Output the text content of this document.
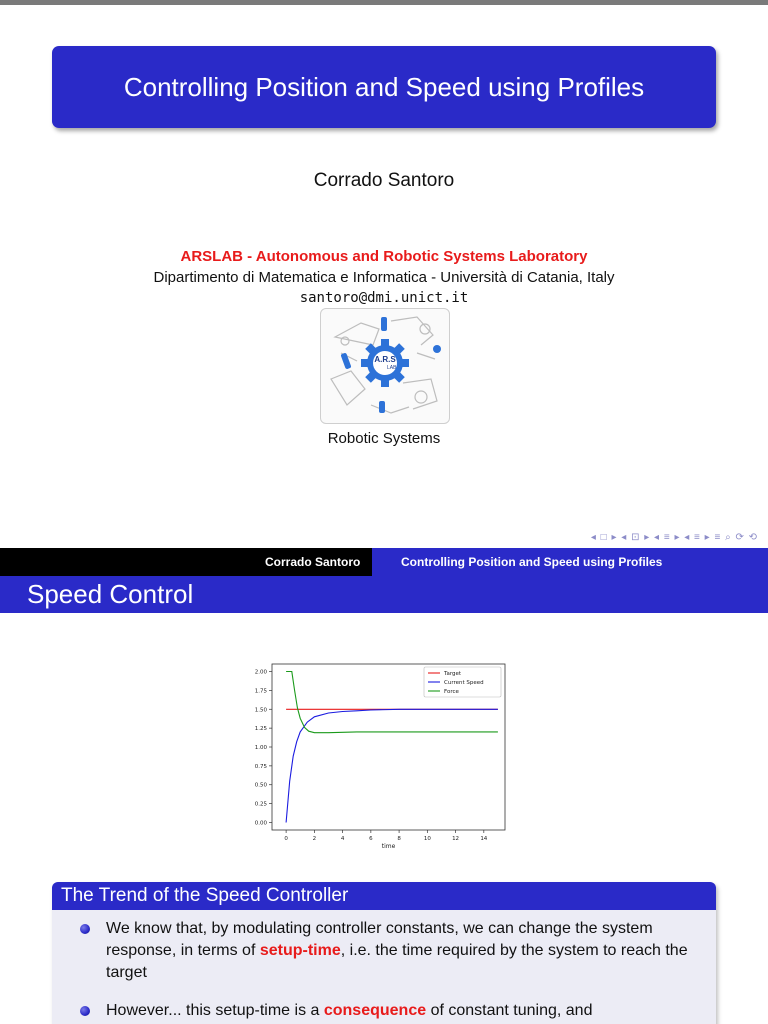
Controlling Position and Speed using Profiles
Corrado Santoro
ARSLAB - Autonomous and Robotic Systems Laboratory
Dipartimento di Matematica e Informatica - Università di Catania, Italy
santoro@dmi.unict.it
A.R.S
LAB
Robotic Systems
◂ □ ▸ ◂ ⊡ ▸ ◂ ≡ ▸ ◂ ≡ ▸ ≡ ⌕ ⟳ ⟲
Corrado Santoro	Controlling Position and Speed using Profiles
Speed Control
0	2	4	6	8	10	12	14
0.00
0.25
0.50
0.75
1.00
1.25
1.50
1.75
2.00
time
Target
Current Speed
Force
The Trend of the Speed Controller
We know that, by modulating controller constants, we can change the system response, in terms of setup-time, i.e. the time required by the system to reach the target
However... this setup-time is a consequence of constant tuning, and
